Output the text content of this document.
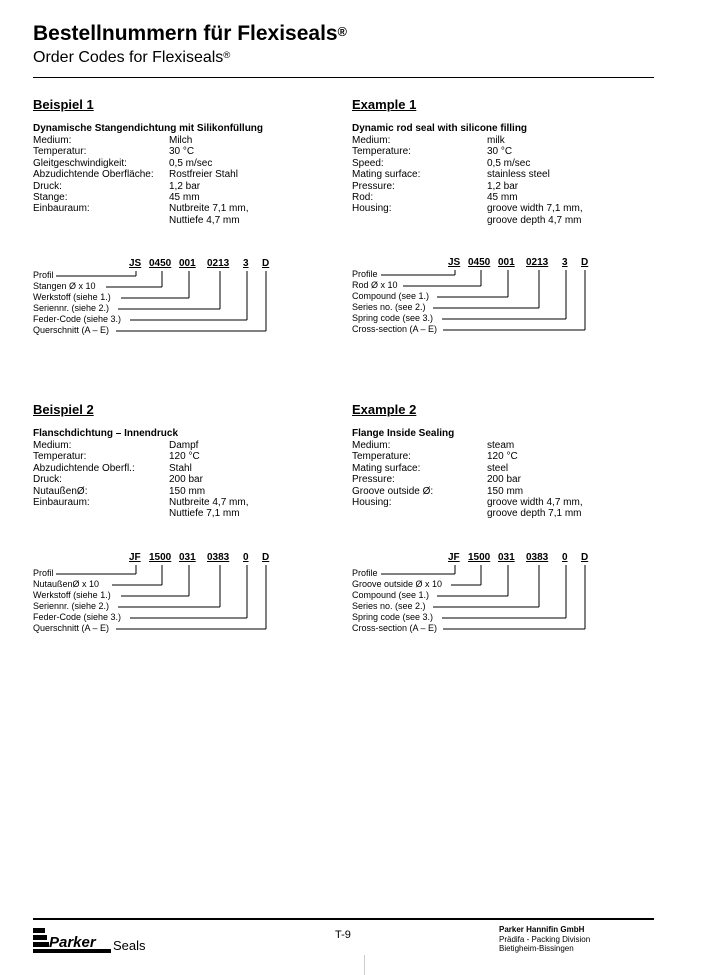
Bestellnummern für Flexiseals®
Order Codes for Flexiseals®
Beispiel 1
Dynamische Stangendichtung mit Silikonfüllung
Medium:	Milch
Temperatur:	30 °C
Gleitgeschwindigkeit:	0,5 m/sec
Abzudichtende Oberfläche:	Rostfreier Stahl
Druck:	1,2 bar
Stange:	45 mm
Einbauraum:	Nutbreite 7,1 mm,
Nuttiefe 4,7 mm
JS 0450 001 0213 3 D
Profil
Stangen Ø x 10
Werkstoff (siehe 1.)
Seriennr. (siehe 2.)
Feder-Code (siehe 3.)
Querschnitt (A – E)
Example 1
Dynamic rod seal with silicone filling
Medium:	milk
Temperature:	30 °C
Speed:	0,5 m/sec
Mating surface:	stainless steel
Pressure:	1,2 bar
Rod:	45 mm
Housing:	groove width 7,1 mm,
groove depth 4,7 mm
JS 0450 001 0213 3 D
Profile
Rod Ø x 10
Compound (see 1.)
Series no. (see 2.)
Spring code (see 3.)
Cross-section (A – E)
Beispiel 2
Flanschdichtung – Innendruck
Medium:	Dampf
Temperatur:	120 °C
Abzudichtende Oberfl.:	Stahl
Druck:	200 bar
NutaußenØ:	150 mm
Einbauraum:	Nutbreite 4,7 mm,
Nuttiefe 7,1 mm
JF 1500 031 0383 0 D
Profil
NutaußenØ x 10
Werkstoff (siehe 1.)
Seriennr. (siehe 2.)
Feder-Code (siehe 3.)
Querschnitt (A – E)
Example 2
Flange Inside Sealing
Medium:	steam
Temperature:	120 °C
Mating surface:	steel
Pressure:	200 bar
Groove outside Ø:	150 mm
Housing:	groove width 4,7 mm,
groove depth 7,1 mm
JF 1500 031 0383 0 D
Profile
Groove outside Ø x 10
Compound (see 1.)
Series no. (see 2.)
Spring code (see 3.)
Cross-section (A – E)
T-9	Parker Hannifin GmbH
Prädifa - Packing Division
Bietigheim-Bissingen
Parker Seals
